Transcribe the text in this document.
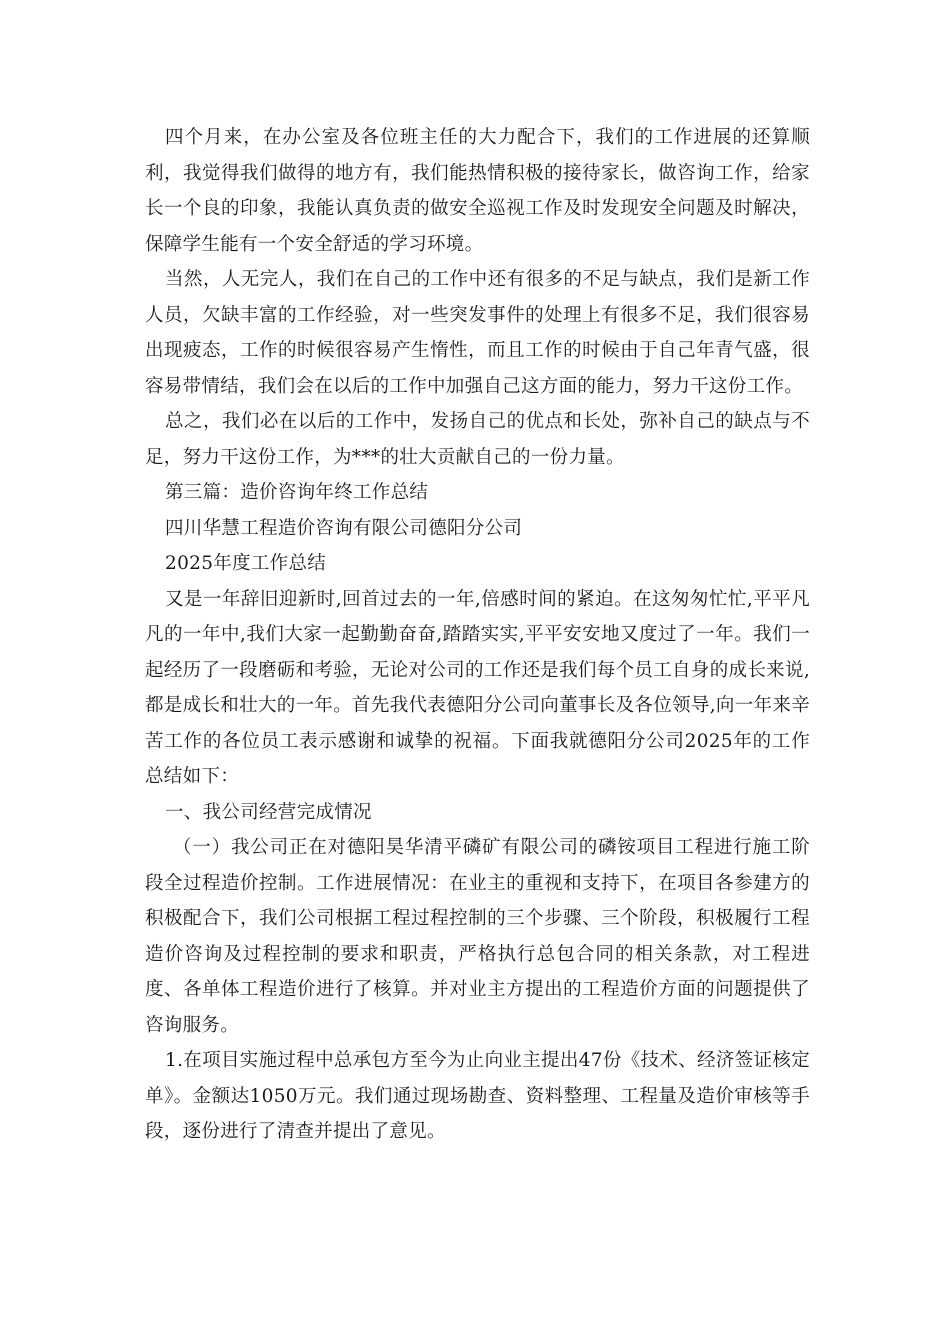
四个月来，在办公室及各位班主任的大力配合下，我们的工作进展的还算顺利，我觉得我们做得的地方有，我们能热情积极的接待家长，做咨询工作，给家长一个良的印象，我能认真负责的做安全巡视工作及时发现安全问题及时解决，保障学生能有一个安全舒适的学习环境。

当然，人无完人，我们在自己的工作中还有很多的不足与缺点，我们是新工作人员，欠缺丰富的工作经验，对一些突发事件的处理上有很多不足，我们很容易出现疲态，工作的时候很容易产生惰性，而且工作的时候由于自己年青气盛，很容易带情结，我们会在以后的工作中加强自己这方面的能力，努力干这份工作。

总之，我们必在以后的工作中，发扬自己的优点和长处，弥补自己的缺点与不足，努力干这份工作，为***的壮大贡献自己的一份力量。

第三篇：造价咨询年终工作总结

四川华慧工程造价咨询有限公司德阳分公司

2025年度工作总结

又是一年辞旧迎新时,回首过去的一年,倍感时间的紧迫。在这匆匆忙忙,平平凡凡的一年中,我们大家一起勤勤奋奋,踏踏实实,平平安安地又度过了一年。我们一起经历了一段磨砺和考验，无论对公司的工作还是我们每个员工自身的成长来说,都是成长和壮大的一年。首先我代表德阳分公司向董事长及各位领导,向一年来辛苦工作的各位员工表示感谢和诚挚的祝福。下面我就德阳分公司2025年的工作总结如下：

一、我公司经营完成情况

（一）我公司正在对德阳昊华清平磷矿有限公司的磷铵项目工程进行施工阶段全过程造价控制。工作进展情况：在业主的重视和支持下，在项目各参建方的积极配合下，我们公司根据工程过程控制的三个步骤、三个阶段，积极履行工程造价咨询及过程控制的要求和职责，严格执行总包合同的相关条款，对工程进度、各单体工程造价进行了核算。并对业主方提出的工程造价方面的问题提供了咨询服务。

1.在项目实施过程中总承包方至今为止向业主提出47份《技术、经济签证核定单》。金额达1050万元。我们通过现场勘查、资料整理、工程量及造价审核等手段，逐份进行了清查并提出了意见。
